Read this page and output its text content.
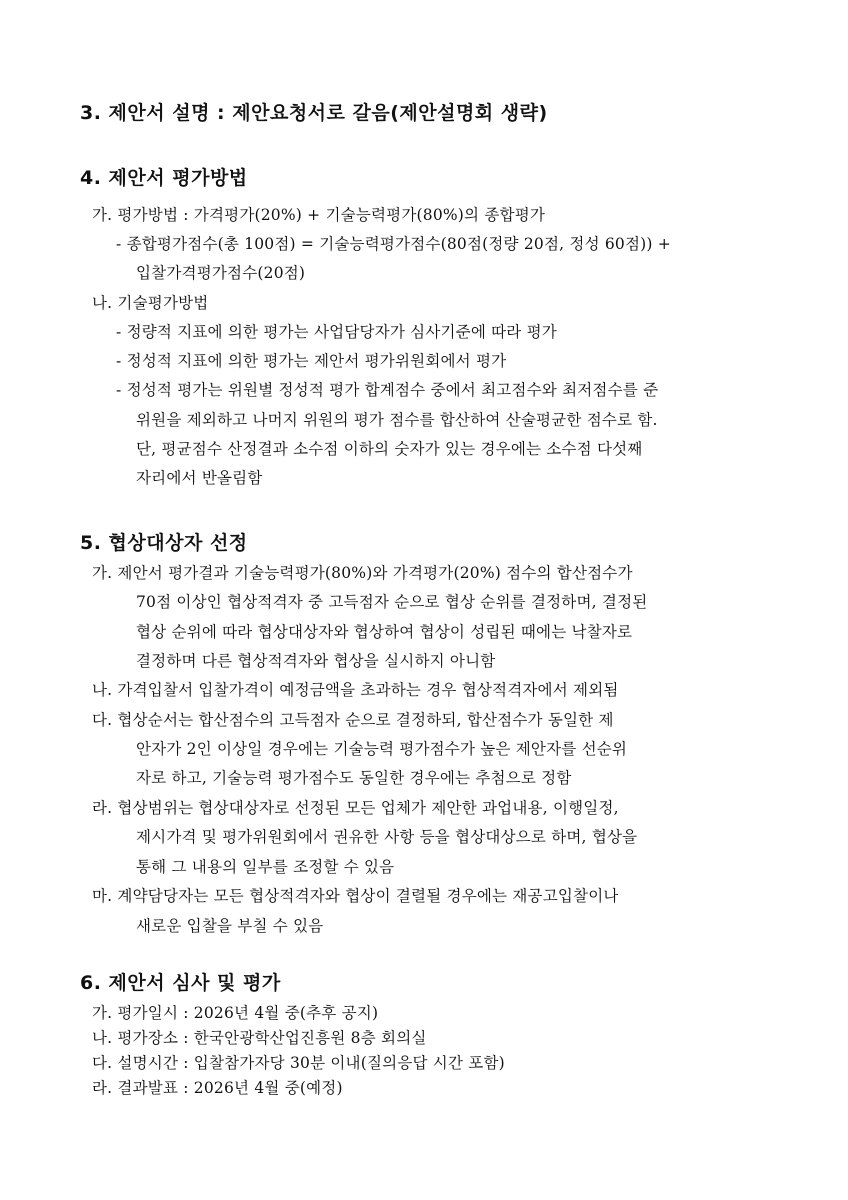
3. 제안서 설명 : 제안요청서로 갈음(제안설명회 생략)
4. 제안서 평가방법
가. 평가방법 : 가격평가(20%) + 기술능력평가(80%)의 종합평가
- 종합평가점수(총 100점) = 기술능력평가점수(80점(정량 20점, 정성 60점)) +
입찰가격평가점수(20점)
나. 기술평가방법
- 정량적 지표에 의한 평가는 사업담당자가 심사기준에 따라 평가
- 정성적 지표에 의한 평가는 제안서 평가위원회에서 평가
- 정성적 평가는 위원별 정성적 평가 합계점수 중에서 최고점수와 최저점수를 준
위원을 제외하고 나머지 위원의 평가 점수를 합산하여 산술평균한 점수로 함.
단, 평균점수 산정결과 소수점 이하의 숫자가 있는 경우에는 소수점 다섯째
자리에서 반올림함
5. 협상대상자 선정
가. 제안서 평가결과 기술능력평가(80%)와 가격평가(20%) 점수의 합산점수가
70점 이상인 협상적격자 중 고득점자 순으로 협상 순위를 결정하며, 결정된
협상 순위에 따라 협상대상자와 협상하여 협상이 성립된 때에는 낙찰자로
결정하며 다른 협상적격자와 협상을 실시하지 아니함
나. 가격입찰서 입찰가격이 예정금액을 초과하는 경우 협상적격자에서 제외됨
다. 협상순서는 합산점수의 고득점자 순으로 결정하되, 합산점수가 동일한 제
안자가 2인 이상일 경우에는 기술능력 평가점수가 높은 제안자를 선순위
자로 하고, 기술능력 평가점수도 동일한 경우에는 추첨으로 정함
라. 협상범위는 협상대상자로 선정된 모든 업체가 제안한 과업내용, 이행일정,
제시가격 및 평가위원회에서 권유한 사항 등을 협상대상으로 하며, 협상을
통해 그 내용의 일부를 조정할 수 있음
마. 계약담당자는 모든 협상적격자와 협상이 결렬될 경우에는 재공고입찰이나
새로운 입찰을 부칠 수 있음
6. 제안서 심사 및 평가
가. 평가일시 : 2026년 4월 중(추후 공지)
나. 평가장소 : 한국안광학산업진흥원 8층 회의실
다. 설명시간 : 입찰참가자당 30분 이내(질의응답 시간 포함)
라. 결과발표 : 2026년 4월 중(예정)
